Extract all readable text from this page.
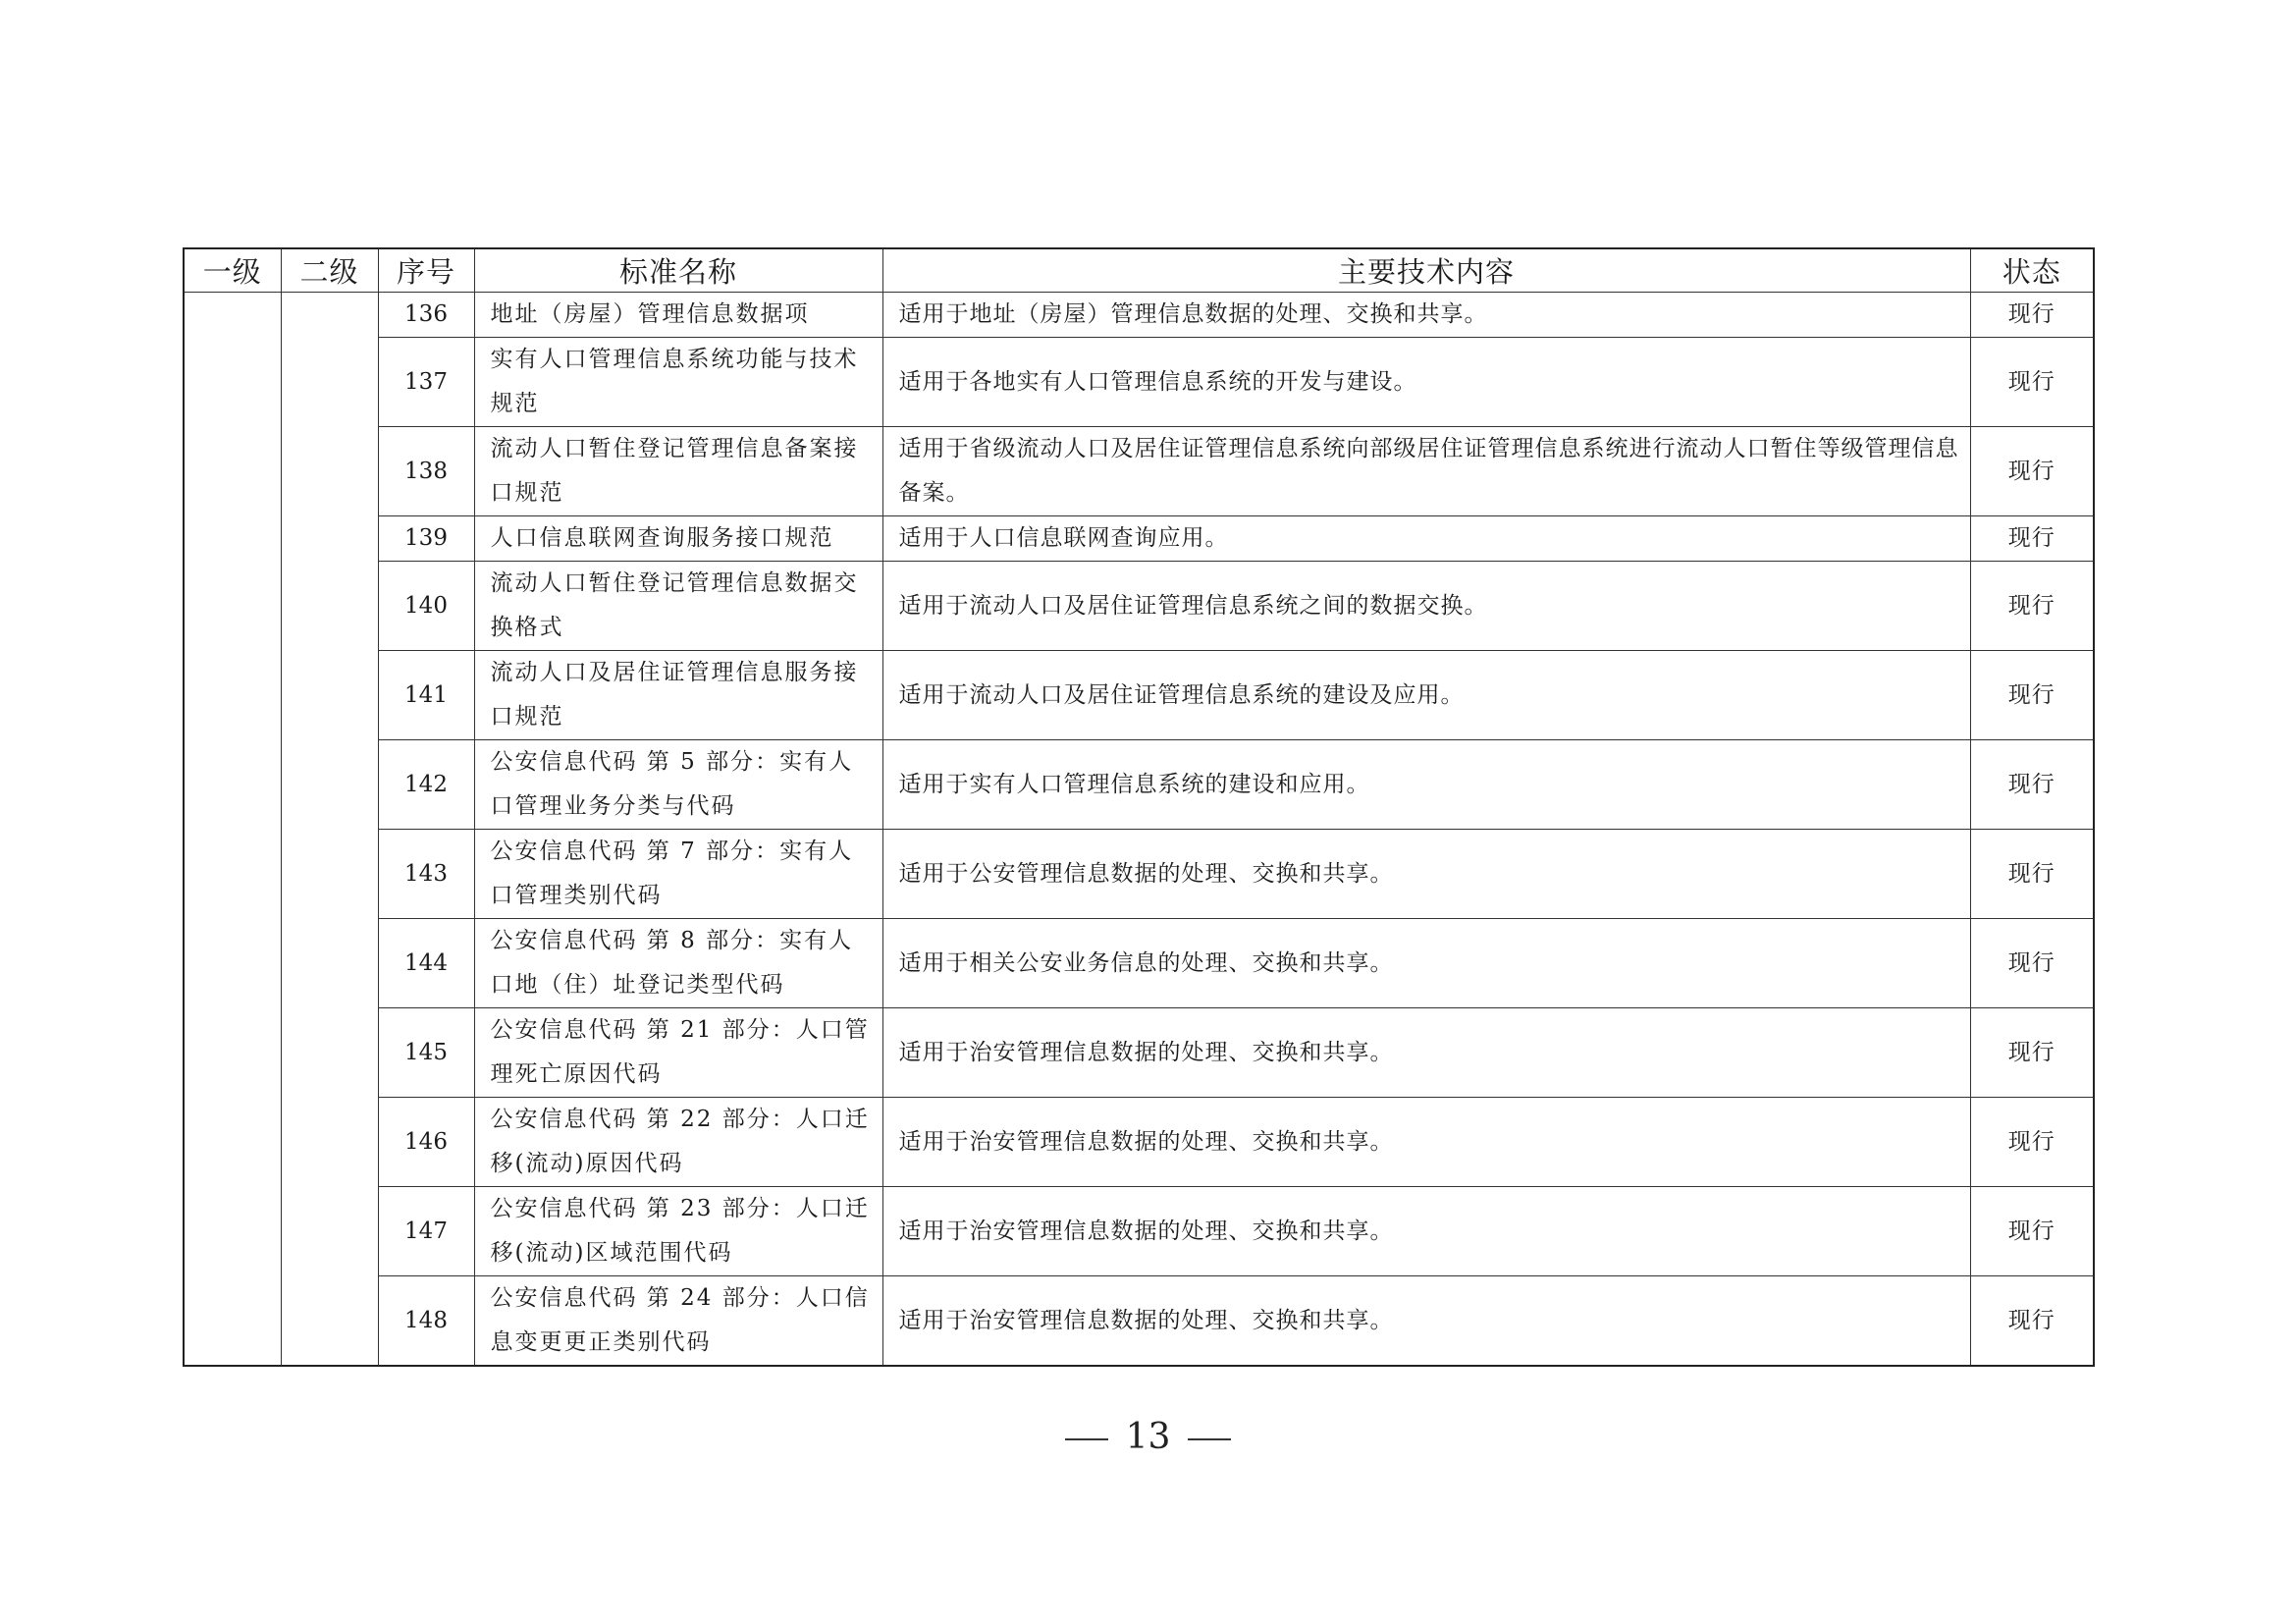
一级	二级	序号	标准名称	主要技术内容	状态
		136	地址（房屋）管理信息数据项	适用于地址（房屋）管理信息数据的处理、交换和共享。	现行
		137	实有人口管理信息系统功能与技术规范	适用于各地实有人口管理信息系统的开发与建设。	现行
		138	流动人口暂住登记管理信息备案接口规范	适用于省级流动人口及居住证管理信息系统向部级居住证管理信息系统进行流动人口暂住等级管理信息备案。	现行
		139	人口信息联网查询服务接口规范	适用于人口信息联网查询应用。	现行
		140	流动人口暂住登记管理信息数据交换格式	适用于流动人口及居住证管理信息系统之间的数据交换。	现行
		141	流动人口及居住证管理信息服务接口规范	适用于流动人口及居住证管理信息系统的建设及应用。	现行
		142	公安信息代码 第 5 部分：实有人口管理业务分类与代码	适用于实有人口管理信息系统的建设和应用。	现行
		143	公安信息代码 第 7 部分：实有人口管理类别代码	适用于公安管理信息数据的处理、交换和共享。	现行
		144	公安信息代码 第 8 部分：实有人口地（住）址登记类型代码	适用于相关公安业务信息的处理、交换和共享。	现行
		145	公安信息代码 第 21 部分：人口管理死亡原因代码	适用于治安管理信息数据的处理、交换和共享。	现行
		146	公安信息代码 第 22 部分：人口迁移(流动)原因代码	适用于治安管理信息数据的处理、交换和共享。	现行
		147	公安信息代码 第 23 部分：人口迁移(流动)区域范围代码	适用于治安管理信息数据的处理、交换和共享。	现行
		148	公安信息代码 第 24 部分：人口信息变更更正类别代码	适用于治安管理信息数据的处理、交换和共享。	现行
13
